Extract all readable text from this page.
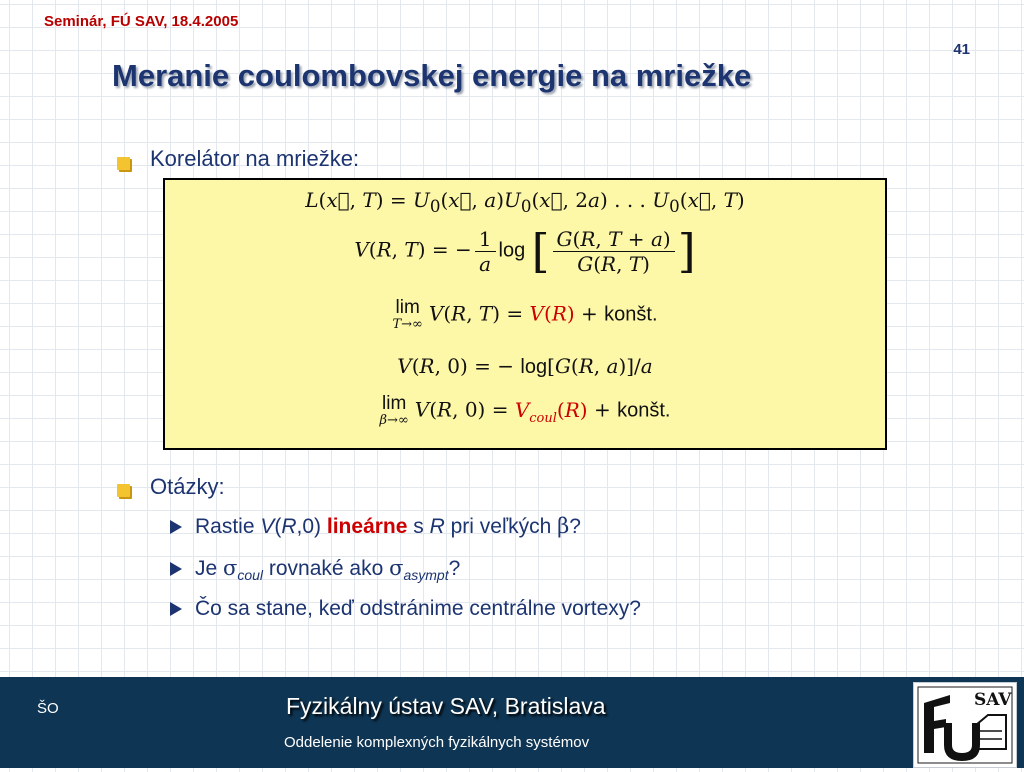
Seminár, FÚ SAV, 18.4.2005
41
Meranie coulombovskej energie na mriežke
Korelátor na mriežke:
L(x⃗, $T) = U_0(x⃗$, $a)U_0(x⃗$, 2a) . . . $U_0(x⃗$, T)
V(R, T) = − $\frac{1}{a}$ log [ $\frac{G(R, T + a)}{G(R, T)}$ ]
lim
T→∞ V(R, T) = V(R) + konšt.
V(R, 0) = − log[G(R, a)]/a
lim
β→∞ V(R, $0) = V_{coul}(R)$ + konšt.
Otázky:
Rastie V(R,0) lineárne s R pri veľkých β?
Je $\sigma_{coul}$ rovnaké ako $\sigma_{asympt}$?
Čo sa stane, keď odstránime centrálne vortexy?
ŠO	Fyzikálny ústav SAV, Bratislava
Oddelenie komplexných fyzikálnych systémov
SAV
